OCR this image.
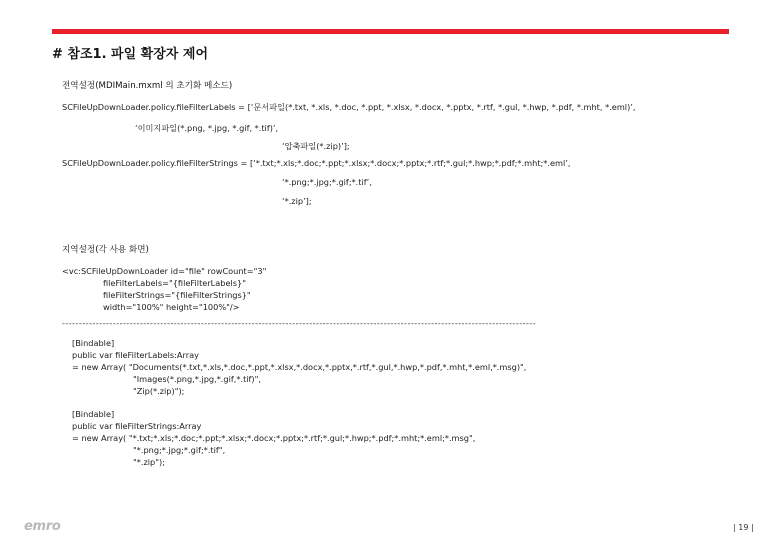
# 참조1. 파일 확장자 제어
전역설정(MDIMain.mxml 의 초기화 메소드)
SCFileUpDownLoader.policy.fileFilterLabels = [‘문서파일(*.txt, *.xls, *.doc, *.ppt, *.xlsx, *.docx, *.pptx, *.rtf, *.gul, *.hwp, *.pdf, *.mht, *.eml)’,
‘이미지파일(*.png, *.jpg, *.gif, *.tif)’,
‘압축파일(*.zip)’];
SCFileUpDownLoader.policy.fileFilterStrings = [‘*.txt;*.xls;*.doc;*.ppt;*.xlsx;*.docx;*.pptx;*.rtf;*.gul;*.hwp;*.pdf;*.mht;*.eml’,
‘*.png;*.jpg;*.gif;*.tif’,
‘*.zip’];
지역설정(각 사용 화면)
<vc:SCFileUpDownLoader id="file" rowCount="3"
fileFilterLabels="{fileFilterLabels}"
fileFilterStrings="{fileFilterStrings}"
width="100%" height="100%"/>
--------------------------------------------------------------------------------------------------------------------------------------------
[Bindable]
public var fileFilterLabels:Array
= new Array( "Documents(*.txt,*.xls,*.doc,*.ppt,*.xlsx,*.docx,*.pptx,*.rtf,*.gul,*.hwp,*.pdf,*.mht,*.eml,*.msg)",
"Images(*.png,*.jpg,*.gif,*.tif)",
"Zip(*.zip)");
[Bindable]
public var fileFilterStrings:Array
= new Array( "*.txt;*.xls;*.doc;*.ppt;*.xlsx;*.docx;*.pptx;*.rtf;*.gul;*.hwp;*.pdf;*.mht;*.eml;*.msg",
"*.png;*.jpg;*.gif;*.tif",
"*.zip");
emro	| 19 |
